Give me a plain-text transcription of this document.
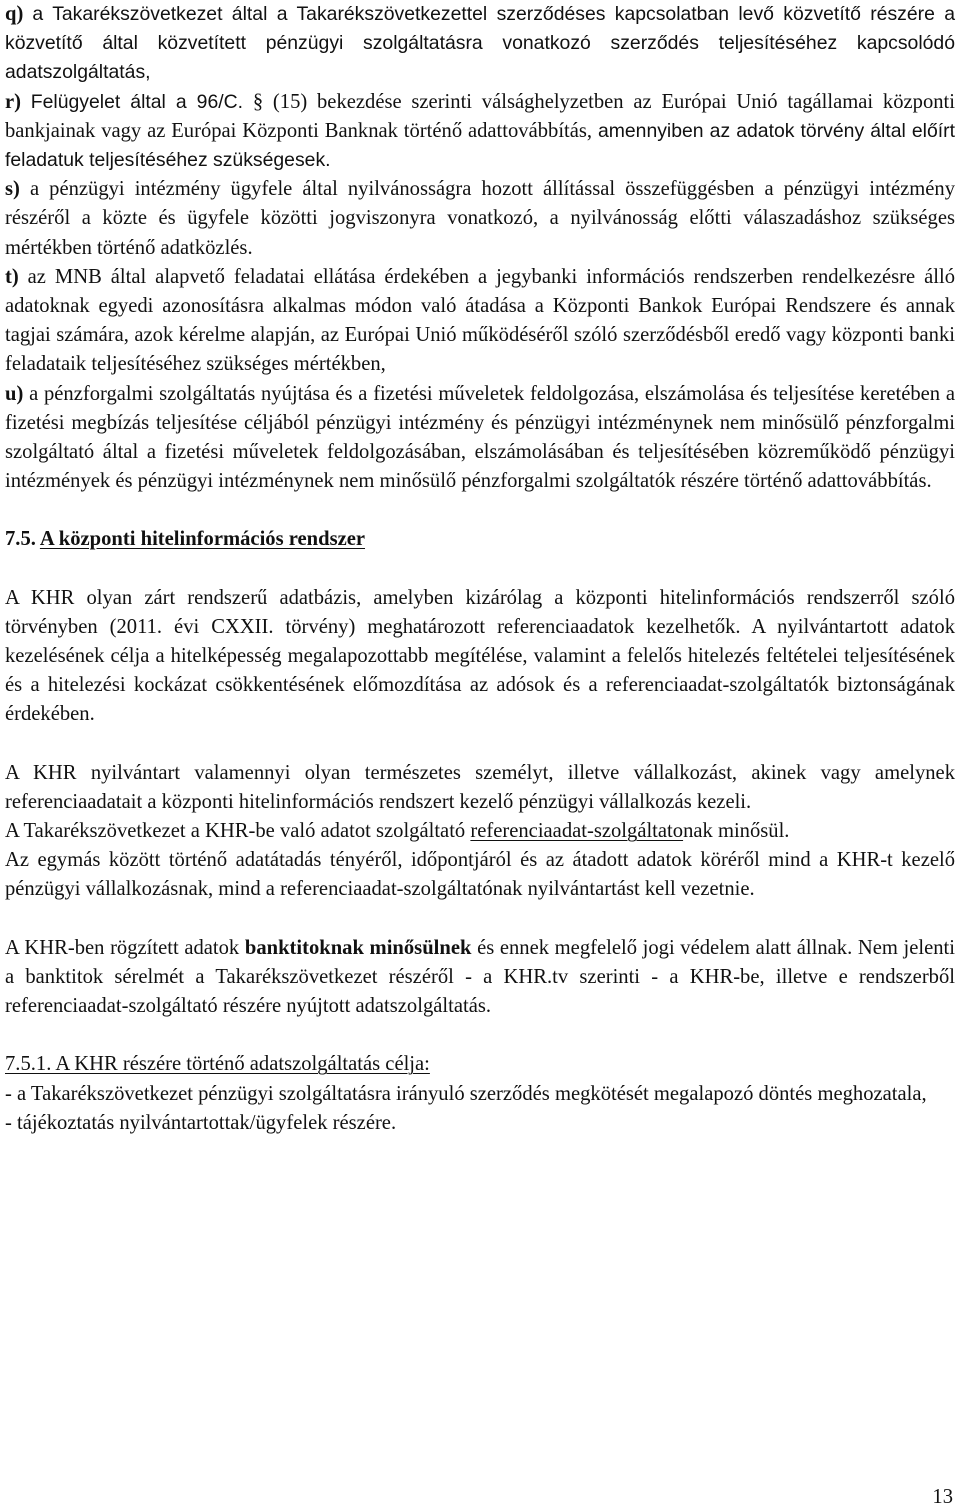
q) a Takarékszövetkezet által a Takarékszövetkezettel szerződéses kapcsolatban levő közvetítő részére a közvetítő által közvetített pénzügyi szolgáltatásra vonatkozó szerződés teljesítéséhez kapcsolódó adatszolgáltatás,

r) Felügyelet által a 96/C. § (15) bekezdése szerinti válsághelyzetben az Európai Unió tagállamai központi bankjainak vagy az Európai Központi Banknak történő adattovábbítás, amennyiben az adatok törvény által előírt feladatuk teljesítéséhez szükségesek.

s) a pénzügyi intézmény ügyfele által nyilvánosságra hozott állítással összefüggésben a pénzügyi intézmény részéről a közte és ügyfele közötti jogviszonyra vonatkozó, a nyilvánosság előtti válaszadáshoz szükséges mértékben történő adatközlés.

t) az MNB által alapvető feladatai ellátása érdekében a jegybanki információs rendszerben rendelkezésre álló adatoknak egyedi azonosításra alkalmas módon való átadása a Központi Bankok Európai Rendszere és annak tagjai számára, azok kérelme alapján, az Európai Unió működéséről szóló szerződésből eredő vagy központi banki feladataik teljesítéséhez szükséges mértékben,

u) a pénzforgalmi szolgáltatás nyújtása és a fizetési műveletek feldolgozása, elszámolása és teljesítése keretében a fizetési megbízás teljesítése céljából pénzügyi intézmény és pénzügyi intézménynek nem minősülő pénzforgalmi szolgáltató által a fizetési műveletek feldolgozásában, elszámolásában és teljesítésében közreműködő pénzügyi intézmények és pénzügyi intézménynek nem minősülő pénzforgalmi szolgáltatók részére történő adattovábbítás.

7.5. A központi hitelinformációs rendszer

A KHR olyan zárt rendszerű adatbázis, amelyben kizárólag a központi hitelinformációs rendszerről szóló törvényben (2011. évi CXXII. törvény) meghatározott referenciaadatok kezelhetők. A nyilvántartott adatok kezelésének célja a hitelképesség megalapozottabb megítélése, valamint a felelős hitelezés feltételei teljesítésének és a hitelezési kockázat csökkentésének előmozdítása az adósok és a referenciaadat-szolgáltatók biztonságának érdekében.

A KHR nyilvántart valamennyi olyan természetes személyt, illetve vállalkozást, akinek vagy amelynek referenciaadatait a központi hitelinformációs rendszert kezelő pénzügyi vállalkozás kezeli.

A Takarékszövetkezet a KHR-be való adatot szolgáltató referenciaadat-szolgáltatonak minősül.

Az egymás között történő adatátadás tényéről, időpontjáról és az átadott adatok köréről mind a KHR-t kezelő pénzügyi vállalkozásnak, mind a referenciaadat-szolgáltatónak nyilvántartást kell vezetnie.

A KHR-ben rögzített adatok banktitoknak minősülnek és ennek megfelelő jogi védelem alatt állnak. Nem jelenti a banktitok sérelmét a Takarékszövetkezet részéről - a KHR.tv szerinti - a KHR-be, illetve e rendszerből referenciaadat-szolgáltató részére nyújtott adatszolgáltatás.

7.5.1. A KHR részére történő adatszolgáltatás célja:

- a Takarékszövetkezet pénzügyi szolgáltatásra irányuló szerződés megkötését megalapozó döntés meghozatala,

- tájékoztatás nyilvántartottak/ügyfelek részére.

13
